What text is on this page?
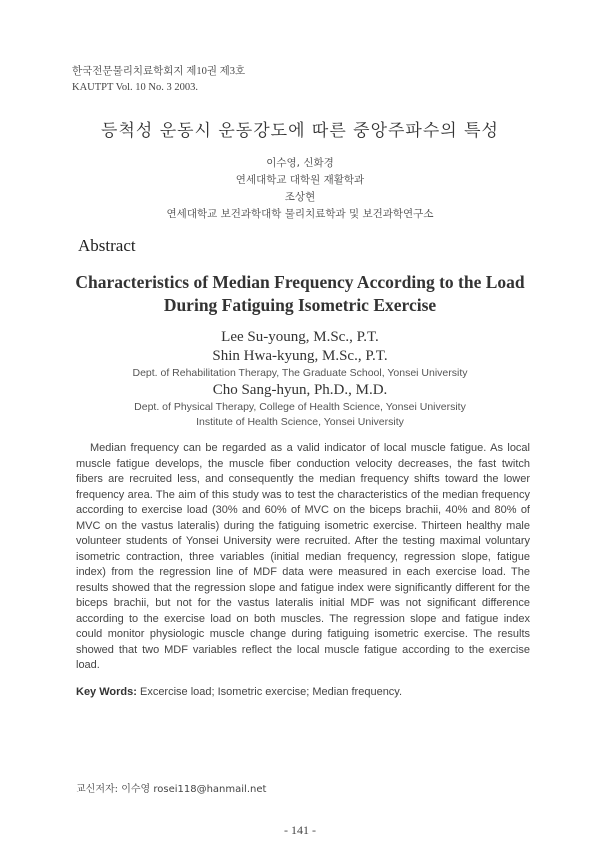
한국전문물리치료학회지 제10권 제3호
KAUTPT Vol. 10 No. 3 2003.
등척성 운동시 운동강도에 따른 중앙주파수의 특성
이수영, 신화경
연세대학교 대학원 재활학과
조상현
연세대학교 보건과학대학 물리치료학과 및 보건과학연구소
Abstract
Characteristics of Median Frequency According to the Load
During Fatiguing Isometric Exercise
Lee Su-young, M.Sc., P.T.
Shin Hwa-kyung, M.Sc., P.T.
Dept. of Rehabilitation Therapy, The Graduate School, Yonsei University
Cho Sang-hyun, Ph.D., M.D.
Dept. of Physical Therapy, College of Health Science, Yonsei University
Institute of Health Science, Yonsei University
Median frequency can be regarded as a valid indicator of local muscle fatigue. As local muscle fatigue develops, the muscle fiber conduction velocity decreases, the fast twitch fibers are recruited less, and consequently the median frequency shifts toward the lower frequency area. The aim of this study was to test the characteristics of the median frequency according to exercise load (30% and 60% of MVC on the biceps brachii, 40% and 80% of MVC on the vastus lateralis) during the fatiguing isometric exercise. Thirteen healthy male volunteer students of Yonsei University were recruited. After the testing maximal voluntary isometric contraction, three variables (initial median frequency, regression slope, fatigue index) from the regression line of MDF data were measured in each exercise load. The results showed that the regression slope and fatigue index were significantly different for the biceps brachii, but not for the vastus lateralis initial MDF was not significant difference according to the exercise load on both muscles. The regression slope and fatigue index could monitor physiologic muscle change during fatiguing isometric exercise. The results showed that two MDF variables reflect the local muscle fatigue according to the exercise load.
Key Words: Excercise load; Isometric exercise; Median frequency.
교신저자: 이수영 rosei118@hanmail.net
- 141 -
